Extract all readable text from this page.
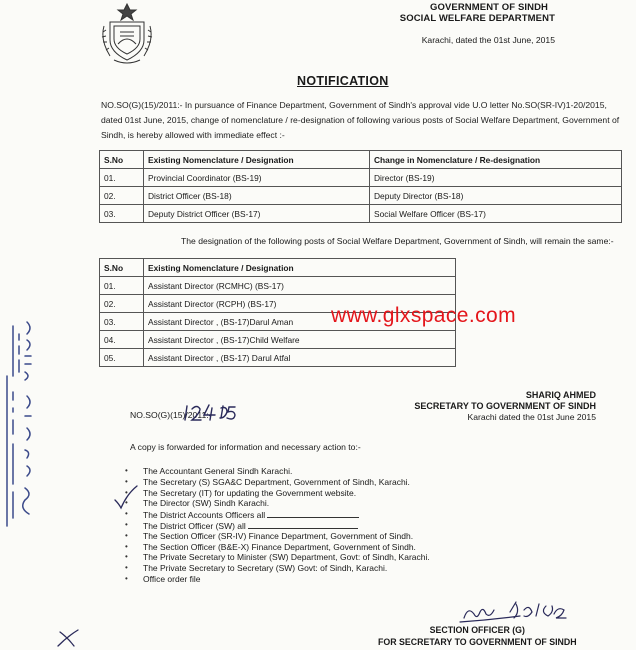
GOVERNMENT OF SINDH
SOCIAL WELFARE DEPARTMENT
Karachi, dated the 01st June, 2015
NOTIFICATION
NO.SO(G)(15)/2011:- In pursuance of Finance Department, Government of Sindh's approval vide U.O letter No.SO(SR-IV)1-20/2015, dated 01st June, 2015, change of nomenclature / re-designation of following various posts of Social Welfare Department, Government of Sindh, is hereby allowed with immediate effect :-
S.No	Existing Nomenclature / Designation	Change in Nomenclature / Re-designation
01.	Provincial Coordinator (BS-19)	Director (BS-19)
02.	District Officer (BS-18)	Deputy Director (BS-18)
03.	Deputy District Officer (BS-17)	Social Welfare Officer (BS-17)
The designation of the following posts of Social Welfare Department, Government of Sindh, will remain the same:-
S.No	Existing Nomenclature / Designation
01.	Assistant Director (RCMHC) (BS-17)
02.	Assistant Director (RCPH) (BS-17)
03.	Assistant Director , (BS-17)Darul Aman
04.	Assistant Director , (BS-17)Child Welfare
05.	Assistant Director , (BS-17) Darul Atfal
www.glxspace.com
SHARIQ AHMED
SECRETARY TO GOVERNMENT OF SINDH
Karachi dated the 01st June 2015
NO.SO(G)(15)/2011:-
A copy is forwarded for information and necessary action to:-
• The Accountant General Sindh Karachi.
• The Secretary (S) SGA&C Department, Government of Sindh, Karachi.
• The Secretary (IT) for updating the Government website.
• The Director (SW) Sindh Karachi.
• The District Accounts Officers all
• The District Officer (SW) all
• The Section Officer (SR-IV) Finance Department, Government of Sindh.
• The Section Officer (B&E-X) Finance Department, Government of Sindh.
• The Private Secretary to Minister (SW) Department, Govt: of Sindh, Karachi.
• The Private Secretary to Secretary (SW) Govt: of Sindh, Karachi.
• Office order file
SECTION OFFICER (G)
FOR SECRETARY TO GOVERNMENT OF SINDH
